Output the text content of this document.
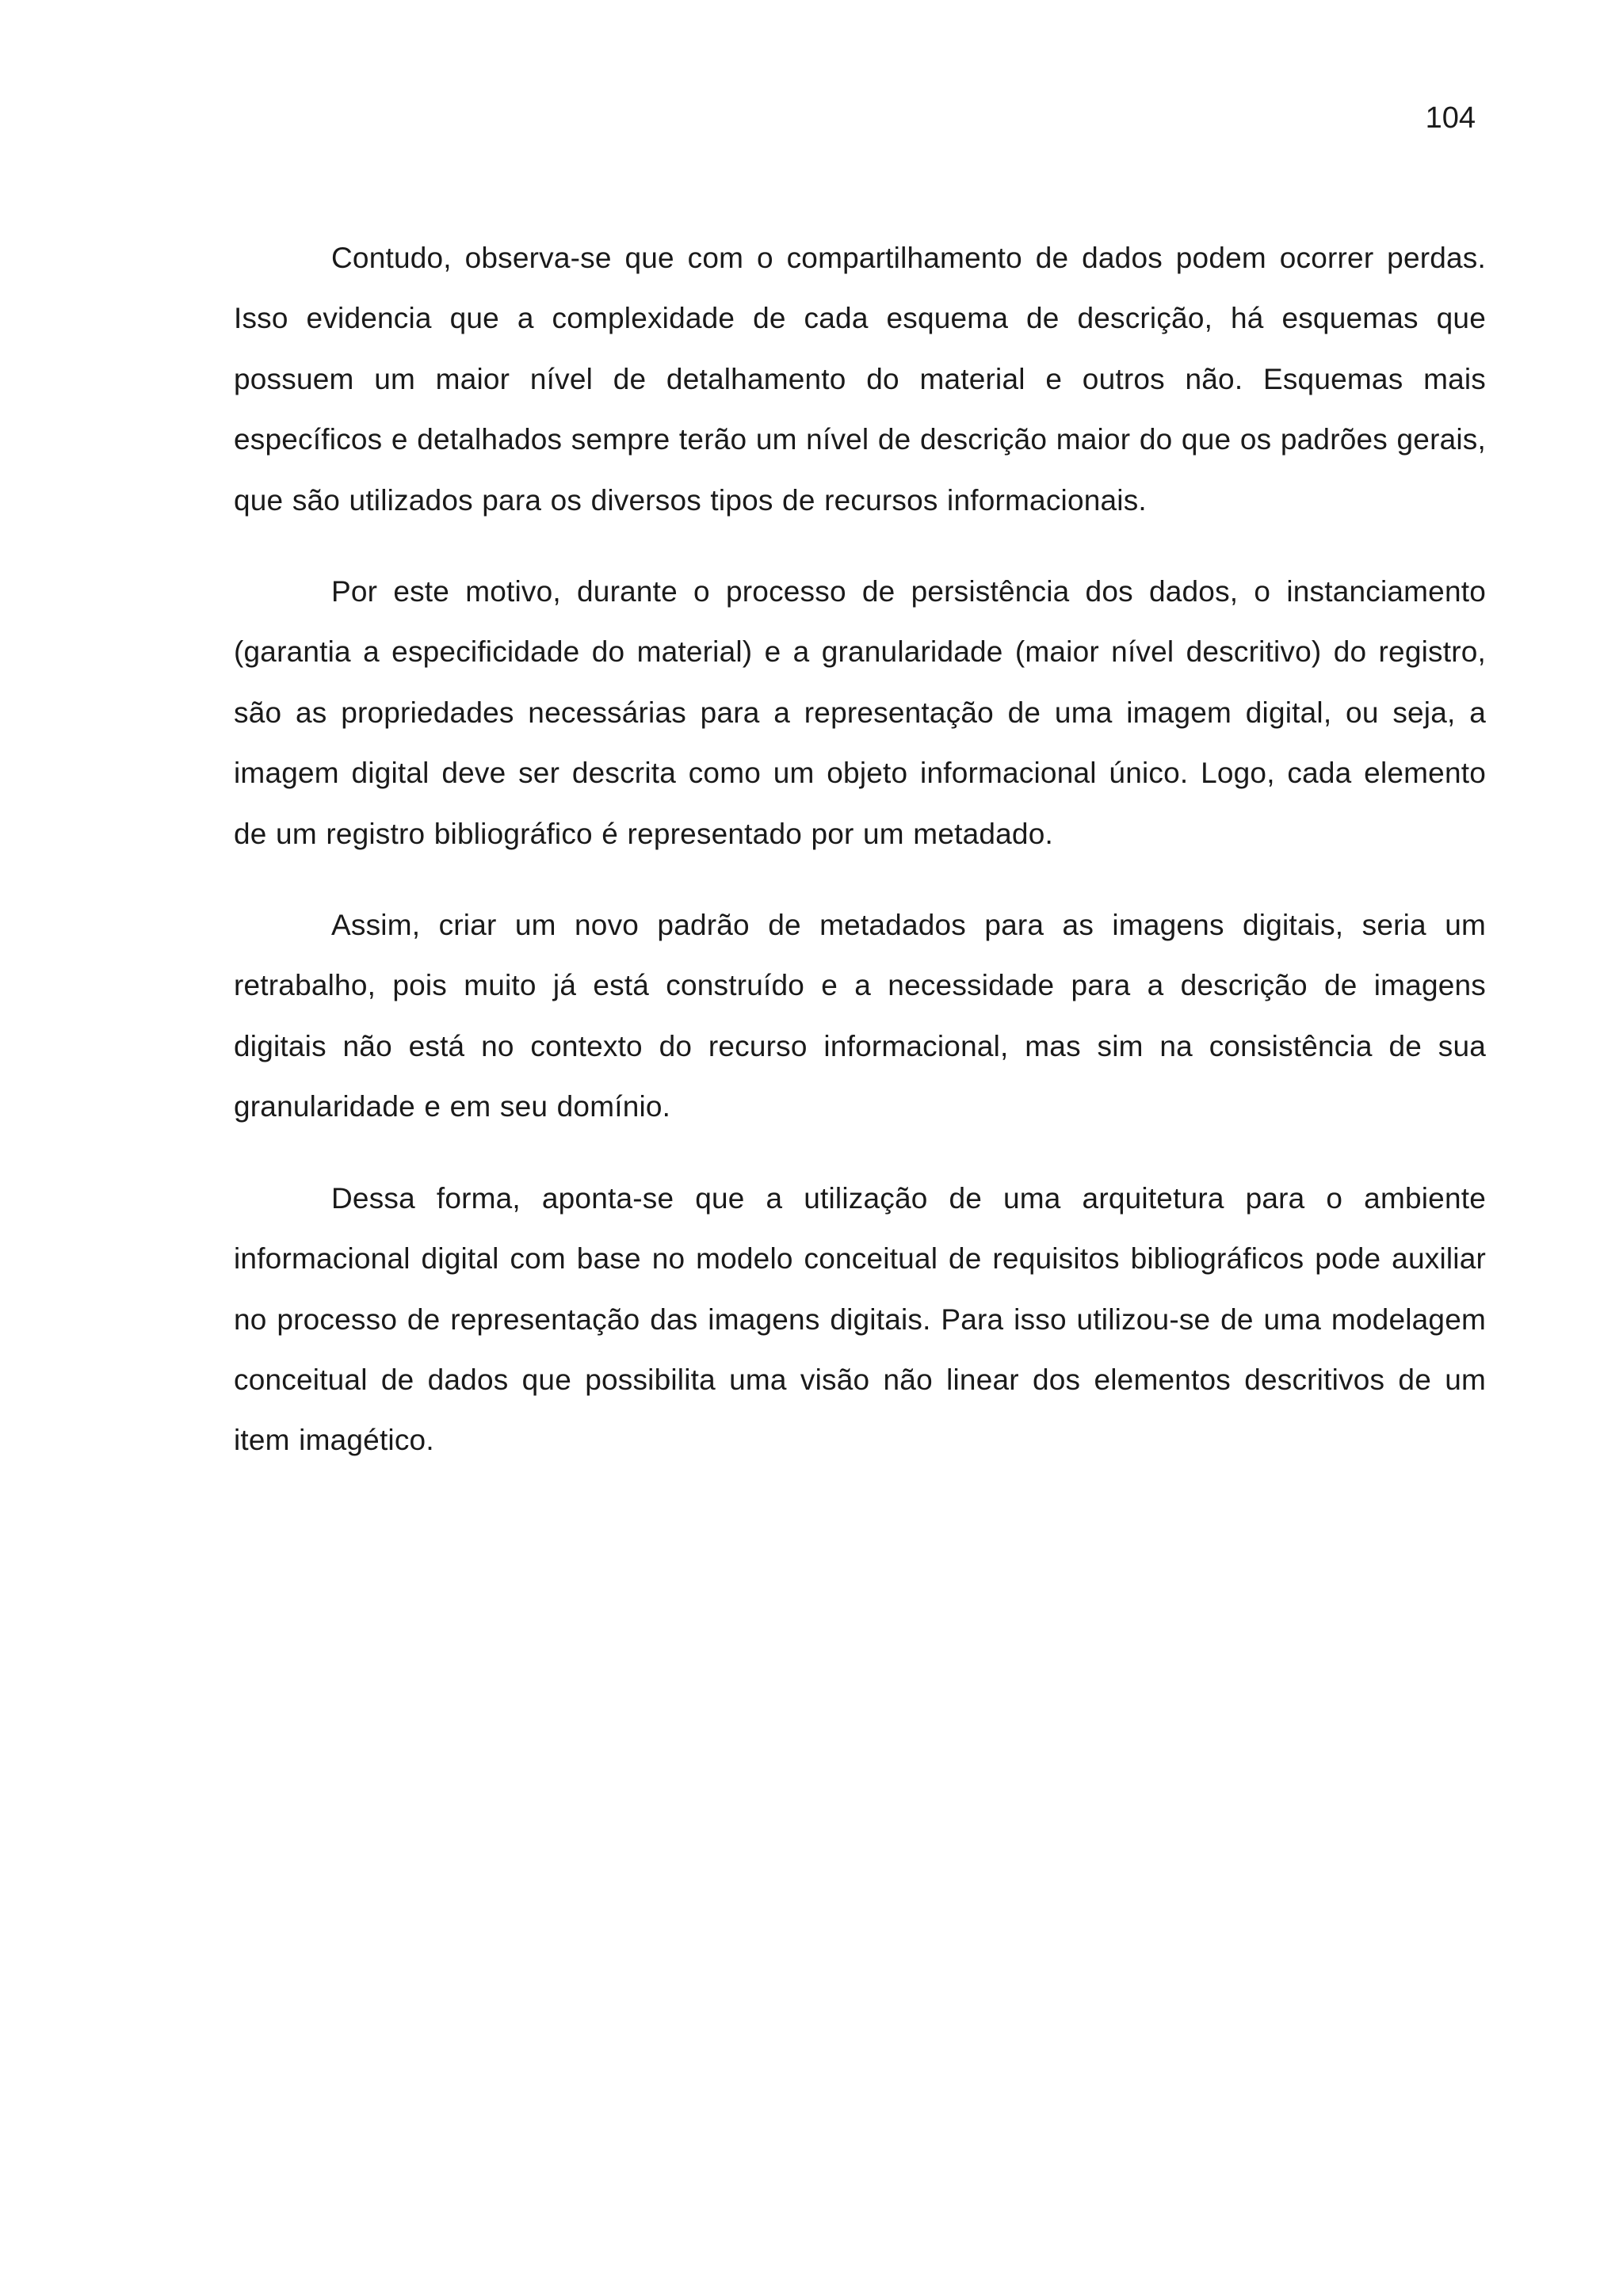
104

Contudo, observa-se que com o compartilhamento de dados podem ocorrer perdas. Isso evidencia que a complexidade de cada esquema de descrição, há esquemas que possuem um maior nível de detalhamento do material e outros não. Esquemas mais específicos e detalhados sempre terão um nível de descrição maior do que os padrões gerais, que são utilizados para os diversos tipos de recursos informacionais.

Por este motivo, durante o processo de persistência dos dados, o instanciamento (garantia a especificidade do material) e a granularidade (maior nível descritivo) do registro, são as propriedades necessárias para a representação de uma imagem digital, ou seja, a imagem digital deve ser descrita como um objeto informacional único. Logo, cada elemento de um registro bibliográfico é representado por um metadado.

Assim, criar um novo padrão de metadados para as imagens digitais, seria um retrabalho, pois muito já está construído e a necessidade para a descrição de imagens digitais não está no contexto do recurso informacional, mas sim na consistência de sua granularidade e em seu domínio.

Dessa forma, aponta-se que a utilização de uma arquitetura para o ambiente informacional digital com base no modelo conceitual de requisitos bibliográficos pode auxiliar no processo de representação das imagens digitais. Para isso utilizou-se de uma modelagem conceitual de dados que possibilita uma visão não linear dos elementos descritivos de um item imagético.
